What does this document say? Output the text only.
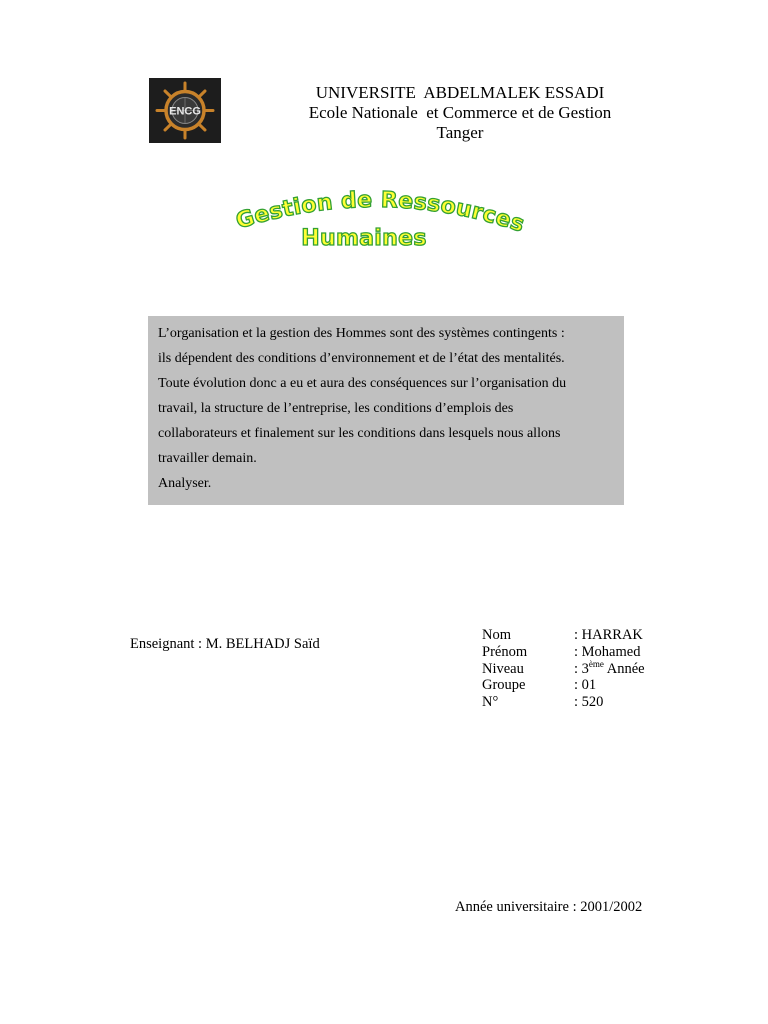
ENCG
UNIVERSITE  ABDELMALEK ESSADI
Ecole Nationale  et Commerce et de Gestion
Tanger
Gestion de Ressources
Humaines
L’organisation et la gestion des Hommes sont des systèmes contingents :
ils dépendent des conditions d’environnement et de l’état des mentalités.
Toute évolution donc a eu et aura des conséquences sur l’organisation du
travail, la structure de l’entreprise, les conditions d’emplois des
collaborateurs et finalement sur les conditions dans lesquels nous allons
travailler demain.
Analyser.
Enseignant : M. BELHADJ Saïd
Nom	: HARRAK
Prénom	: Mohamed
Niveau	: 3ème Année
Groupe	: 01
N°	: 520
Année universitaire : 2001/2002
